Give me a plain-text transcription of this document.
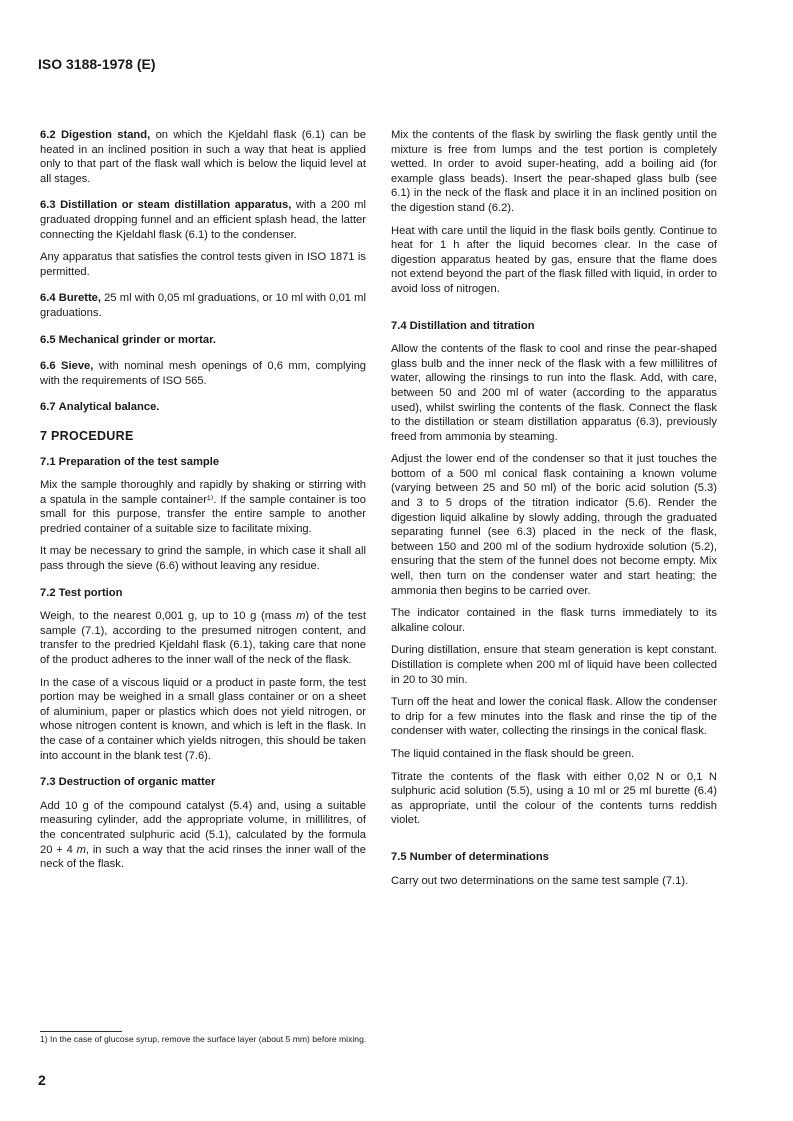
ISO 3188-1978 (E)

6.2 Digestion stand, on which the Kjeldahl flask (6.1) can be heated in an inclined position in such a way that heat is applied only to that part of the flask wall which is below the liquid level at all stages.

6.3 Distillation or steam distillation apparatus, with a 200 ml graduated dropping funnel and an efficient splash head, the latter connecting the Kjeldahl flask (6.1) to the condenser.

Any apparatus that satisfies the control tests given in ISO 1871 is permitted.

6.4 Burette, 25 ml with 0,05 ml graduations, or 10 ml with 0,01 ml graduations.

6.5 Mechanical grinder or mortar.

6.6 Sieve, with nominal mesh openings of 0,6 mm, complying with the requirements of ISO 565.

6.7 Analytical balance.

7 PROCEDURE
7.1 Preparation of the test sample

Mix the sample thoroughly and rapidly by shaking or stirring with a spatula in the sample container¹⁾. If the sample container is too small for this purpose, transfer the entire sample to another predried container of a suitable size to facilitate mixing.

It may be necessary to grind the sample, in which case it shall all pass through the sieve (6.6) without leaving any residue.

7.2 Test portion

Weigh, to the nearest 0,001 g, up to 10 g (mass m) of the test sample (7.1), according to the presumed nitrogen content, and transfer to the predried Kjeldahl flask (6.1), taking care that none of the product adheres to the inner wall of the neck of the flask.

In the case of a viscous liquid or a product in paste form, the test portion may be weighed in a small glass container or on a sheet of aluminium, paper or plastics which does not yield nitrogen, or whose nitrogen content is known, and which is left in the flask. In the case of a container which yields nitrogen, this should be taken into account in the blank test (7.6).

7.3 Destruction of organic matter

Add 10 g of the compound catalyst (5.4) and, using a suitable measuring cylinder, add the appropriate volume, in millilitres, of the concentrated sulphuric acid (5.1), calculated by the formula 20 + 4 m, in such a way that the acid rinses the inner wall of the neck of the flask.

Mix the contents of the flask by swirling the flask gently until the mixture is free from lumps and the test portion is completely wetted. In order to avoid super-heating, add a boiling aid (for example glass beads). Insert the pear-shaped glass bulb (see 6.1) in the neck of the flask and place it in an inclined position on the digestion stand (6.2).

Heat with care until the liquid in the flask boils gently. Continue to heat for 1 h after the liquid becomes clear. In the case of digestion apparatus heated by gas, ensure that the flame does not extend beyond the part of the flask filled with liquid, in order to avoid loss of nitrogen.

7.4 Distillation and titration

Allow the contents of the flask to cool and rinse the pear-shaped glass bulb and the inner neck of the flask with a few millilitres of water, allowing the rinsings to run into the flask. Add, with care, between 50 and 200 ml of water (according to the apparatus used), whilst swirling the contents of the flask. Connect the flask to the distillation or steam distillation apparatus (6.3), previously freed from ammonia by steaming.

Adjust the lower end of the condenser so that it just touches the bottom of a 500 ml conical flask containing a known volume (varying between 25 and 50 ml) of the boric acid solution (5.3) and 3 to 5 drops of the titration indicator (5.6). Render the digestion liquid alkaline by slowly adding, through the graduated separating funnel (see 6.3) placed in the neck of the flask, between 150 and 200 ml of the sodium hydroxide solution (5.2), ensuring that the stem of the funnel does not become empty. Mix well, then turn on the condenser water and start heating; the ammonia then begins to be carried over.

The indicator contained in the flask turns immediately to its alkaline colour.

During distillation, ensure that steam generation is kept constant. Distillation is complete when 200 ml of liquid have been collected in 20 to 30 min.

Turn off the heat and lower the conical flask. Allow the condenser to drip for a few minutes into the flask and rinse the tip of the condenser with water, collecting the rinsings in the conical flask.

The liquid contained in the flask should be green.

Titrate the contents of the flask with either 0,02 N or 0,1 N sulphuric acid solution (5.5), using a 10 ml or 25 ml burette (6.4) as appropriate, until the colour of the contents turns reddish violet.

7.5 Number of determinations

Carry out two determinations on the same test sample (7.1).

1) In the case of glucose syrup, remove the surface layer (about 5 mm) before mixing.
2
